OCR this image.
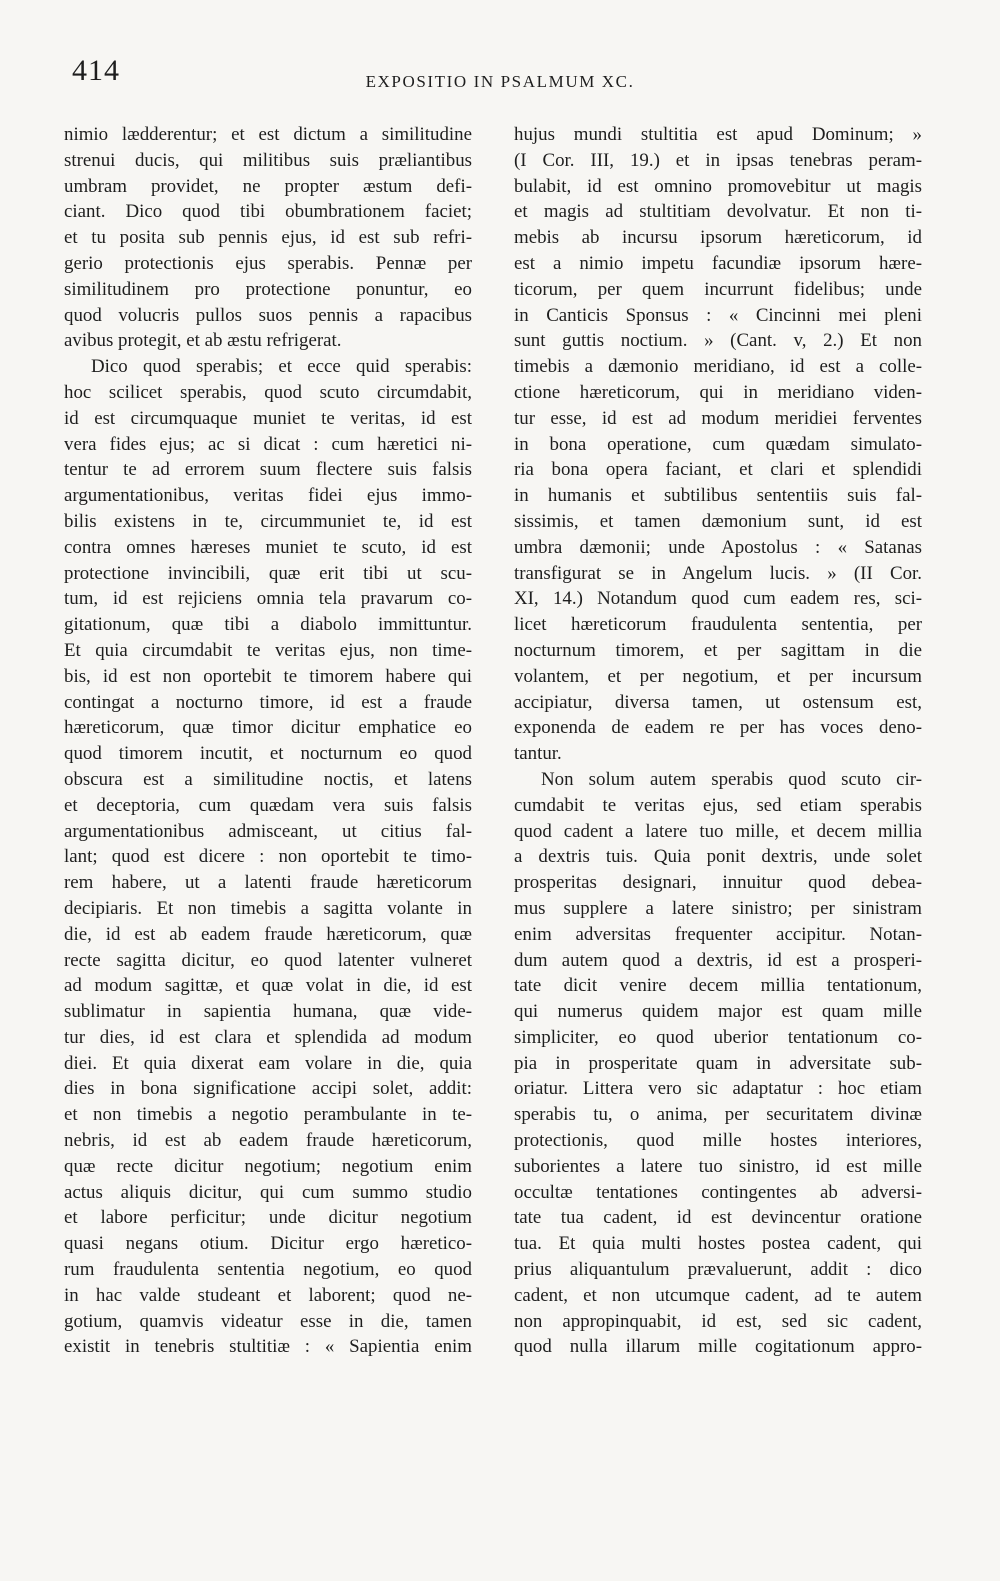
414	EXPOSITIO IN PSALMUM XC.

nimio lædderentur; et est dictum a similitudine
strenui ducis, qui militibus suis præliantibus
umbram providet, ne propter æstum defi-
ciant. Dico quod tibi obumbrationem faciet;
et tu posita sub pennis ejus, id est sub refri-
gerio protectionis ejus sperabis. Pennæ per
similitudinem pro protectione ponuntur, eo
quod volucris pullos suos pennis a rapacibus
avibus protegit, et ab æstu refrigerat.

Dico quod sperabis; et ecce quid sperabis:
hoc scilicet sperabis, quod scuto circumdabit,
id est circumquaque muniet te veritas, id est
vera fides ejus; ac si dicat : cum hæretici ni-
tentur te ad errorem suum flectere suis falsis
argumentationibus, veritas fidei ejus immo-
bilis existens in te, circummuniet te, id est
contra omnes hæreses muniet te scuto, id est
protectione invincibili, quæ erit tibi ut scu-
tum, id est rejiciens omnia tela pravarum co-
gitationum, quæ tibi a diabolo immittuntur.
Et quia circumdabit te veritas ejus, non time-
bis, id est non oportebit te timorem habere qui
contingat a nocturno timore, id est a fraude
hæreticorum, quæ timor dicitur emphatice eo
quod timorem incutit, et nocturnum eo quod
obscura est a similitudine noctis, et latens
et deceptoria, cum quædam vera suis falsis
argumentationibus admisceant, ut citius fal-
lant; quod est dicere : non oportebit te timo-
rem habere, ut a latenti fraude hæreticorum
decipiaris. Et non timebis a sagitta volante in
die, id est ab eadem fraude hæreticorum, quæ
recte sagitta dicitur, eo quod latenter vulneret
ad modum sagittæ, et quæ volat in die, id est
sublimatur in sapientia humana, quæ vide-
tur dies, id est clara et splendida ad modum
diei. Et quia dixerat eam volare in die, quia
dies in bona significatione accipi solet, addit:
et non timebis a negotio perambulante in te-
nebris, id est ab eadem fraude hæreticorum,
quæ recte dicitur negotium; negotium enim
actus aliquis dicitur, qui cum summo studio
et labore perficitur; unde dicitur negotium
quasi negans otium. Dicitur ergo hæretico-
rum fraudulenta sententia negotium, eo quod
in hac valde studeant et laborent; quod ne-
gotium, quamvis videatur esse in die, tamen
existit in tenebris stultitiæ : « Sapientia enim

hujus mundi stultitia est apud Dominum; »
(I Cor. III, 19.) et in ipsas tenebras peram-
bulabit, id est omnino promovebitur ut magis
et magis ad stultitiam devolvatur. Et non ti-
mebis ab incursu ipsorum hæreticorum, id
est a nimio impetu facundiæ ipsorum hære-
ticorum, per quem incurrunt fidelibus; unde
in Canticis Sponsus : « Cincinni mei pleni
sunt guttis noctium. » (Cant. v, 2.) Et non
timebis a dæmonio meridiano, id est a colle-
ctione hæreticorum, qui in meridiano viden-
tur esse, id est ad modum meridiei ferventes
in bona operatione, cum quædam simulato-
ria bona opera faciant, et clari et splendidi
in humanis et subtilibus sententiis suis fal-
sissimis, et tamen dæmonium sunt, id est
umbra dæmonii; unde Apostolus : « Satanas
transfigurat se in Angelum lucis. » (II Cor.
XI, 14.) Notandum quod cum eadem res, sci-
licet hæreticorum fraudulenta sententia, per
nocturnum timorem, et per sagittam in die
volantem, et per negotium, et per incursum
accipiatur, diversa tamen, ut ostensum est,
exponenda de eadem re per has voces deno-
tantur.

Non solum autem sperabis quod scuto cir-
cumdabit te veritas ejus, sed etiam sperabis
quod cadent a latere tuo mille, et decem millia
a dextris tuis. Quia ponit dextris, unde solet
prosperitas designari, innuitur quod debea-
mus supplere a latere sinistro; per sinistram
enim adversitas frequenter accipitur. Notan-
dum autem quod a dextris, id est a prosperi-
tate dicit venire decem millia tentationum,
qui numerus quidem major est quam mille
simpliciter, eo quod uberior tentationum co-
pia in prosperitate quam in adversitate sub-
oriatur. Littera vero sic adaptatur : hoc etiam
sperabis tu, o anima, per securitatem divinæ
protectionis, quod mille hostes interiores,
suborientes a latere tuo sinistro, id est mille
occultæ tentationes contingentes ab adversi-
tate tua cadent, id est devincentur oratione
tua. Et quia multi hostes postea cadent, qui
prius aliquantulum prævaluerunt, addit : dico
cadent, et non utcumque cadent, ad te autem
non appropinquabit, id est, sed sic cadent,
quod nulla illarum mille cogitationum appro-
